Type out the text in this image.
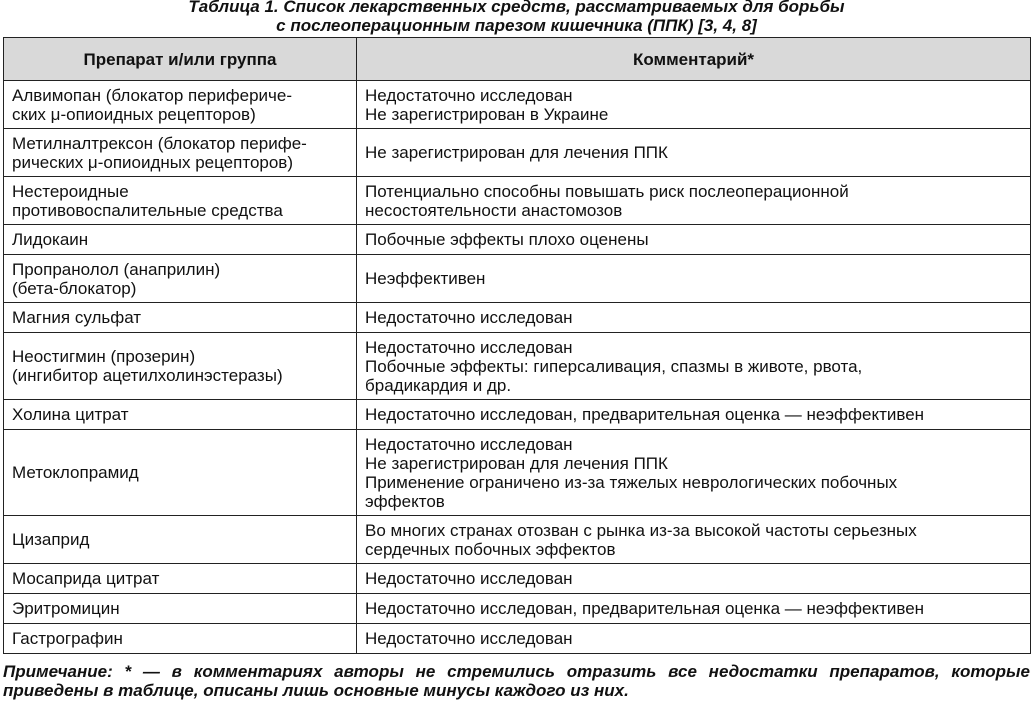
Таблица 1. Список лекарственных средств, рассматриваемых для борьбы
с послеоперационным парезом кишечника (ППК) [3, 4, 8]
Препарат и/или группа	Комментарий*

Алвимопан (блокатор перифериче-
ских μ-опиоидных рецепторов)	Недостаточно исследован
Не зарегистрирован в Украине

Метилналтрексон (блокатор перифе-
рических μ-опиоидных рецепторов)	Не зарегистрирован для лечения ППК

Нестероидные
противовоспалительные средства	Потенциально способны повышать риск послеоперационной
несостоятельности анастомозов

Лидокаин	Побочные эффекты плохо оценены

Пропранолол (анаприлин)
(бета-блокатор)	Неэффективен

Магния сульфат	Недостаточно исследован

Неостигмин (прозерин)
(ингибитор ацетилхолинэстеразы)	Недостаточно исследован
Побочные эффекты: гиперсаливация, спазмы в животе, рвота,
брадикардия и др.

Холина цитрат	Недостаточно исследован, предварительная оценка — неэффективен

Метоклопрамид	Недостаточно исследован
Не зарегистрирован для лечения ППК
Применение ограничено из-за тяжелых неврологических побочных
эффектов

Цизаприд	Во многих странах отозван с рынка из-за высокой частоты серьезных
сердечных побочных эффектов

Мосаприда цитрат	Недостаточно исследован

Эритромицин	Недостаточно исследован, предварительная оценка — неэффективен

Гастрографин	Недостаточно исследован
Примечание: * — в комментариях авторы не стремились отразить все недостатки препаратов, которые приведены в таблице, описаны лишь основные минусы каждого из них.
